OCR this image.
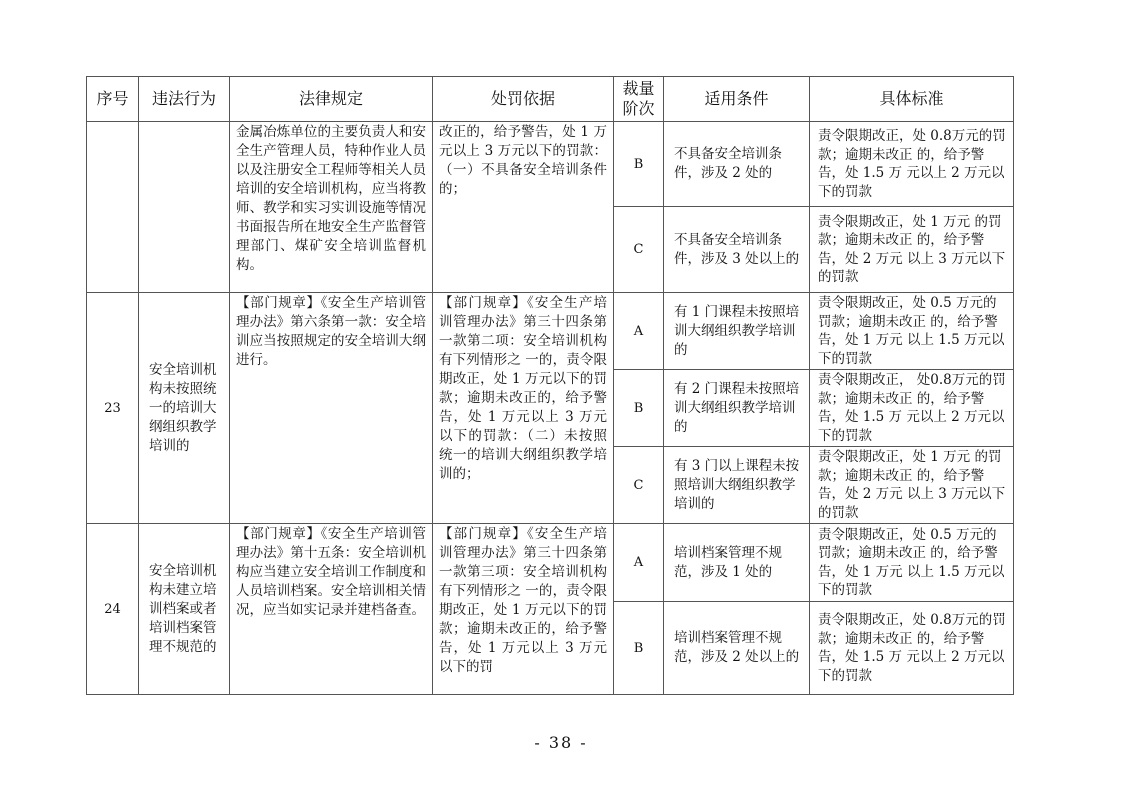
序号	违法行为	法律规定	处罚依据	裁量阶次	适用条件	具体标准

		金属冶炼单位的主要负责人和安全生产管理人员，特种作业人员以及注册安全工程师等相关人员培训的安全培训机构，应当将教师、教学和实习实训设施等情况书面报告所在地安全生产监督管理部门、煤矿安全培训监督机构。	改正的，给予警告，处 1 万元以上 3 万元以下的罚款：（一）不具备安全培训条件的；	B	不具备安全培训条件，涉及 2 处的	责令限期改正，处 0.8万元的罚款；逾期未改正 的，给予警告，处 1.5 万 元以上 2 万元以下的罚款

				C	不具备安全培训条件，涉及 3 处以上的	责令限期改正，处 1 万元 的罚款；逾期未改正 的，给予警告，处 2 万元 以上 3 万元以下的罚款

23	安全培训机构未按照统一的培训大纲组织教学培训的	【部门规章】《安全生产培训管理办法》第六条第一款：安全培训应当按照规定的安全培训大纲进行。	【部门规章】《安全生产培训管理办法》第三十四条第一款第二项：安全培训机构有下列情形之 一的，责令限期改正，处 1 万元以下的罚款；逾期未改正的，给予警告，处 1 万元以上 3 万元以下的罚款：（二）未按照统一的培训大纲组织教学培训的；	A	有 1 门课程未按照培训大纲组织教学培训的	责令限期改正，处 0.5 万元的罚款；逾期未改正 的，给予警告，处 1 万元 以上 1.5 万元以下的罚款

				B	有 2 门课程未按照培训大纲组织教学培训的	责令限期改正， 处0.8万元的罚款；逾期未改正 的，给予警告，处 1.5 万 元以上 2 万元以下的罚款

				C	有 3 门以上课程未按照培训大纲组织教学培训的	责令限期改正，处 1 万元 的罚款；逾期未改正 的，给予警告，处 2 万元 以上 3 万元以下的罚款

24	安全培训机构未建立培训档案或者培训档案管理不规范的	【部门规章】《安全生产培训管理办法》第十五条：安全培训机构应当建立安全培训工作制度和人员培训档案。安全培训相关情况，应当如实记录并建档备查。	【部门规章】《安全生产培训管理办法》第三十四条第一款第三项：安全培训机构有下列情形之 一的，责令限期改正，处 1 万元以下的罚款；逾期未改正的，给予警告，处 1 万元以上 3 万元以下的罚	A	培训档案管理不规范，涉及 1 处的	责令限期改正，处 0.5 万元的罚款；逾期未改正 的，给予警告，处 1 万元 以上 1.5 万元以下的罚款

				B	培训档案管理不规范，涉及 2 处以上的	责令限期改正，处 0.8万元的罚款；逾期未改正 的，给予警告，处 1.5 万 元以上 2 万元以下的罚款
- 38 -
